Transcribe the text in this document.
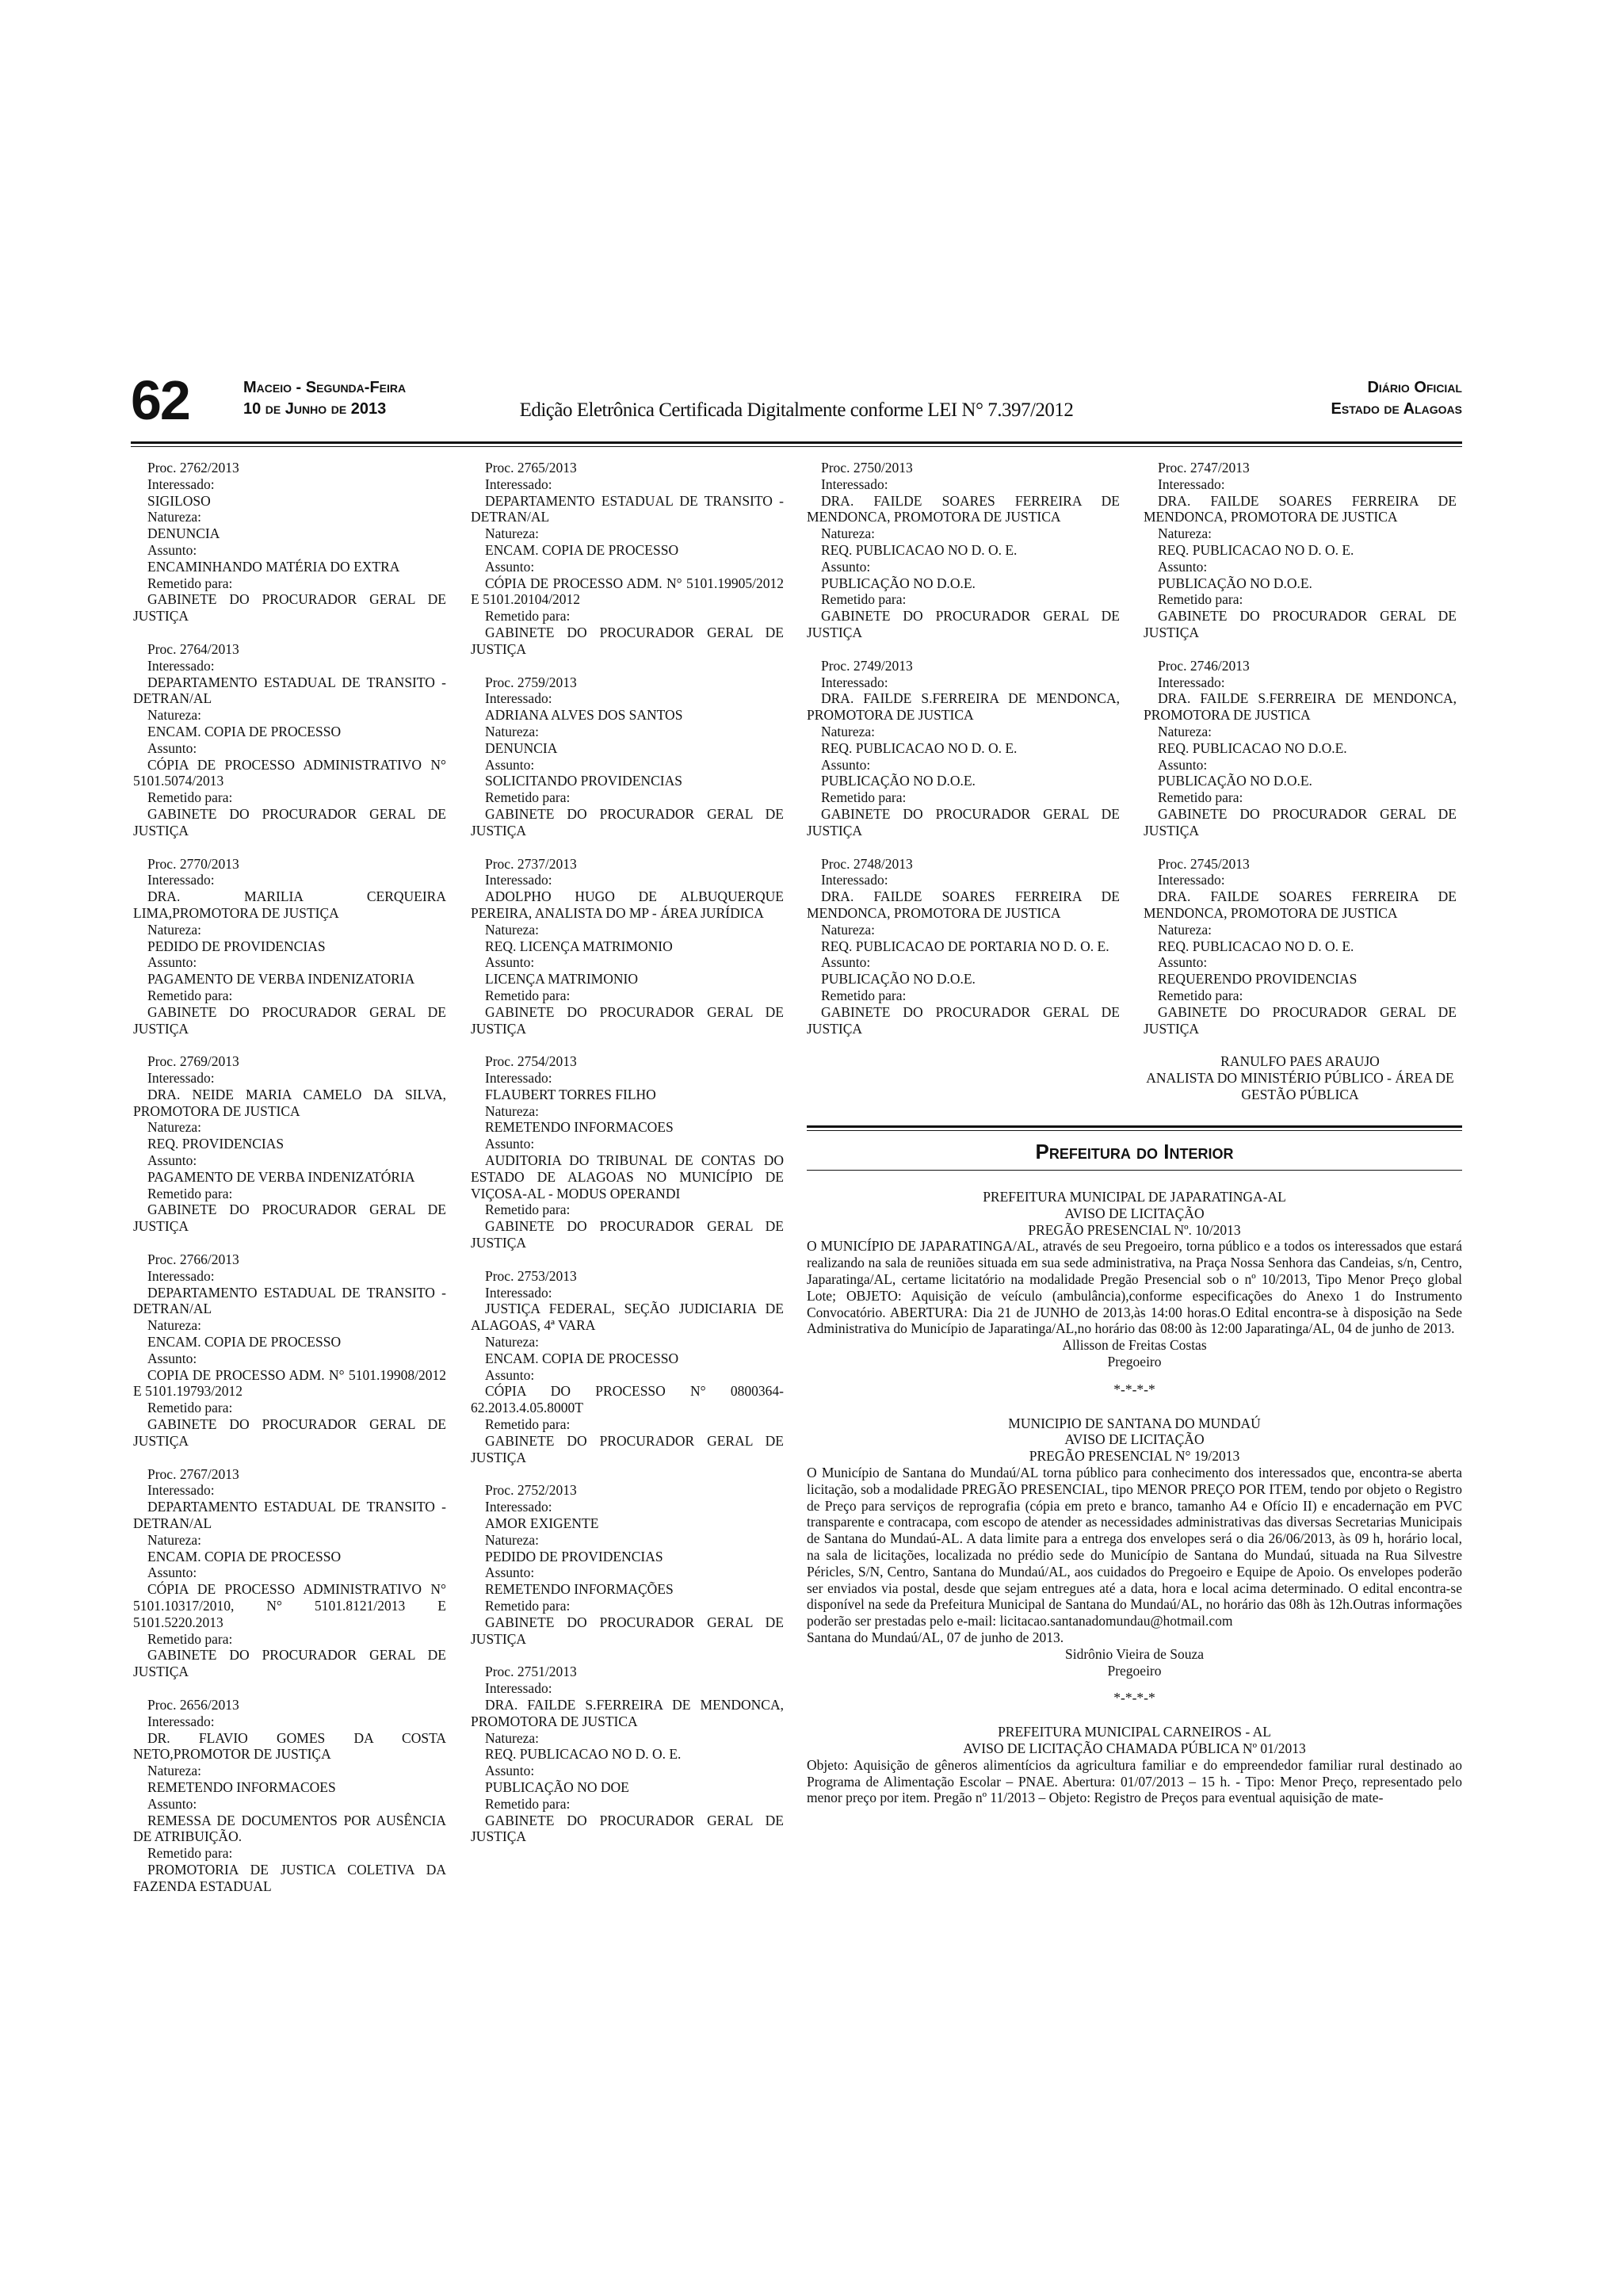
62	Maceio - Segunda-Feira
10 de Junho de 2013	Edição Eletrônica Certificada Digitalmente conforme LEI N° 7.397/2012
Diário Oficial
Estado de Alagoas
Proc. 2762/2013
Interessado:
SIGILOSO
Natureza:
DENUNCIA
Assunto:
ENCAMINHANDO MATÉRIA DO EXTRA
Remetido para:
GABINETE DO PROCURADOR GERAL DE JUSTIÇA
Proc. 2764/2013
Interessado:
DEPARTAMENTO ESTADUAL DE TRANSITO - DETRAN/AL
Natureza:
ENCAM. COPIA DE PROCESSO
Assunto:
CÓPIA DE PROCESSO ADMINISTRATIVO N° 5101.5074/2013
Remetido para:
GABINETE DO PROCURADOR GERAL DE JUSTIÇA
Proc. 2770/2013
Interessado:
DRA. MARILIA CERQUEIRA LIMA,PROMOTORA DE JUSTIÇA
Natureza:
PEDIDO DE PROVIDENCIAS
Assunto:
PAGAMENTO DE VERBA INDENIZATORIA
Remetido para:
GABINETE DO PROCURADOR GERAL DE JUSTIÇA
Proc. 2769/2013
Interessado:
DRA. NEIDE MARIA CAMELO DA SILVA, PROMOTORA DE JUSTICA
Natureza:
REQ. PROVIDENCIAS
Assunto:
PAGAMENTO DE VERBA INDENIZATÓRIA
Remetido para:
GABINETE DO PROCURADOR GERAL DE JUSTIÇA
Proc. 2766/2013
Interessado:
DEPARTAMENTO ESTADUAL DE TRANSITO - DETRAN/AL
Natureza:
ENCAM. COPIA DE PROCESSO
Assunto:
COPIA DE PROCESSO ADM. N° 5101.19908/2012 E 5101.19793/2012
Remetido para:
GABINETE DO PROCURADOR GERAL DE JUSTIÇA
Proc. 2767/2013
Interessado:
DEPARTAMENTO ESTADUAL DE TRANSITO - DETRAN/AL
Natureza:
ENCAM. COPIA DE PROCESSO
Assunto:
CÓPIA DE PROCESSO ADMINISTRATIVO N° 5101.10317/2010, N° 5101.8121/2013 E 5101.5220.2013
Remetido para:
GABINETE DO PROCURADOR GERAL DE JUSTIÇA
Proc. 2656/2013
Interessado:
DR. FLAVIO GOMES DA COSTA NETO,PROMOTOR DE JUSTIÇA
Natureza:
REMETENDO INFORMACOES
Assunto:
REMESSA DE DOCUMENTOS POR AUSÊNCIA DE ATRIBUIÇÃO.
Remetido para:
PROMOTORIA DE JUSTICA COLETIVA DA FAZENDA ESTADUAL
Proc. 2765/2013
Interessado:
DEPARTAMENTO ESTADUAL DE TRANSITO - DETRAN/AL
Natureza:
ENCAM. COPIA DE PROCESSO
Assunto:
CÓPIA DE PROCESSO ADM. N° 5101.19905/2012 E 5101.20104/2012
Remetido para:
GABINETE DO PROCURADOR GERAL DE JUSTIÇA
Proc. 2759/2013
Interessado:
ADRIANA ALVES DOS SANTOS
Natureza:
DENUNCIA
Assunto:
SOLICITANDO PROVIDENCIAS
Remetido para:
GABINETE DO PROCURADOR GERAL DE JUSTIÇA
Proc. 2737/2013
Interessado:
ADOLPHO HUGO DE ALBUQUERQUE PEREIRA, ANALISTA DO MP - ÁREA JURÍDICA
Natureza:
REQ. LICENÇA MATRIMONIO
Assunto:
LICENÇA MATRIMONIO
Remetido para:
GABINETE DO PROCURADOR GERAL DE JUSTIÇA
Proc. 2754/2013
Interessado:
FLAUBERT TORRES FILHO
Natureza:
REMETENDO INFORMACOES
Assunto:
AUDITORIA DO TRIBUNAL DE CONTAS DO ESTADO DE ALAGOAS NO MUNICÍPIO DE VIÇOSA-AL - MODUS OPERANDI
Remetido para:
GABINETE DO PROCURADOR GERAL DE JUSTIÇA
Proc. 2753/2013
Interessado:
JUSTIÇA FEDERAL, SEÇÃO JUDICIARIA DE ALAGOAS, 4ª VARA
Natureza:
ENCAM. COPIA DE PROCESSO
Assunto:
CÓPIA DO PROCESSO N° 0800364-62.2013.4.05.8000T
Remetido para:
GABINETE DO PROCURADOR GERAL DE JUSTIÇA
Proc. 2752/2013
Interessado:
AMOR EXIGENTE
Natureza:
PEDIDO DE PROVIDENCIAS
Assunto:
REMETENDO INFORMAÇÕES
Remetido para:
GABINETE DO PROCURADOR GERAL DE JUSTIÇA
Proc. 2751/2013
Interessado:
DRA. FAILDE S.FERREIRA DE MENDONCA, PROMOTORA DE JUSTICA
Natureza:
REQ. PUBLICACAO NO D. O. E.
Assunto:
PUBLICAÇÃO NO DOE
Remetido para:
GABINETE DO PROCURADOR GERAL DE JUSTIÇA
Proc. 2750/2013
Interessado:
DRA. FAILDE SOARES FERREIRA DE MENDONCA, PROMOTORA DE JUSTICA
Natureza:
REQ. PUBLICACAO NO D. O. E.
Assunto:
PUBLICAÇÃO NO D.O.E.
Remetido para:
GABINETE DO PROCURADOR GERAL DE JUSTIÇA
Proc. 2749/2013
Interessado:
DRA. FAILDE S.FERREIRA DE MENDONCA, PROMOTORA DE JUSTICA
Natureza:
REQ. PUBLICACAO NO D. O. E.
Assunto:
PUBLICAÇÃO NO D.O.E.
Remetido para:
GABINETE DO PROCURADOR GERAL DE JUSTIÇA
Proc. 2748/2013
Interessado:
DRA. FAILDE SOARES FERREIRA DE MENDONCA, PROMOTORA DE JUSTICA
Natureza:
REQ. PUBLICACAO DE PORTARIA NO D. O. E.
Assunto:
PUBLICAÇÃO NO D.O.E.
Remetido para:
GABINETE DO PROCURADOR GERAL DE JUSTIÇA
Proc. 2747/2013
Interessado:
DRA. FAILDE SOARES FERREIRA DE MENDONCA, PROMOTORA DE JUSTICA
Natureza:
REQ. PUBLICACAO NO D. O. E.
Assunto:
PUBLICAÇÃO NO D.O.E.
Remetido para:
GABINETE DO PROCURADOR GERAL DE JUSTIÇA
Proc. 2746/2013
Interessado:
DRA. FAILDE S.FERREIRA DE MENDONCA, PROMOTORA DE JUSTICA
Natureza:
REQ. PUBLICACAO NO D.O.E.
Assunto:
PUBLICAÇÃO NO D.O.E.
Remetido para:
GABINETE DO PROCURADOR GERAL DE JUSTIÇA
Proc. 2745/2013
Interessado:
DRA. FAILDE SOARES FERREIRA DE MENDONCA, PROMOTORA DE JUSTICA
Natureza:
REQ. PUBLICACAO NO D. O. E.
Assunto:
REQUERENDO PROVIDENCIAS
Remetido para:
GABINETE DO PROCURADOR GERAL DE JUSTIÇA
RANULFO PAES ARAUJO
ANALISTA DO MINISTÉRIO PÚBLICO - ÁREA DE GESTÃO PÚBLICA
Prefeitura do Interior
PREFEITURA MUNICIPAL DE JAPARATINGA-AL
AVISO DE LICITAÇÃO
PREGÃO PRESENCIAL Nº. 10/2013
O MUNICÍPIO DE JAPARATINGA/AL, através de seu Pregoeiro, torna público e a todos os interessados que estará realizando na sala de reuniões situada em sua sede administrativa, na Praça Nossa Senhora das Candeias, s/n, Centro, Japaratinga/AL, certame licitatório na modalidade Pregão Presencial sob o nº 10/2013, Tipo Menor Preço global Lote; OBJETO: Aquisição de veículo (ambulância),conforme especificações do Anexo 1 do Instrumento Convocatório. ABERTURA: Dia 21 de JUNHO de 2013,às 14:00 horas.O Edital encontra-se à disposição na Sede Administrativa do Município de Japaratinga/AL,no horário das 08:00 às 12:00 Japaratinga/AL, 04 de junho de 2013.
Allisson de Freitas Costas
Pregoeiro
*-*-*-*
MUNICIPIO DE SANTANA DO MUNDAÚ
AVISO DE LICITAÇÃO
PREGÃO PRESENCIAL N° 19/2013
O Município de Santana do Mundaú/AL torna público para conhecimento dos interessados que, encontra-se aberta licitação, sob a modalidade PREGÃO PRESENCIAL, tipo MENOR PREÇO POR ITEM, tendo por objeto o Registro de Preço para serviços de reprografia (cópia em preto e branco, tamanho A4 e Ofício II) e encadernação em PVC transparente e contracapa, com escopo de atender as necessidades administrativas das diversas Secretarias Municipais de Santana do Mundaú-AL. A data limite para a entrega dos envelopes será o dia 26/06/2013, às 09 h, horário local, na sala de licitações, localizada no prédio sede do Município de Santana do Mundaú, situada na Rua Silvestre Péricles, S/N, Centro, Santana do Mundaú/AL, aos cuidados do Pregoeiro e Equipe de Apoio. Os envelopes poderão ser enviados via postal, desde que sejam entregues até a data, hora e local acima determinado. O edital encontra-se disponível na sede da Prefeitura Municipal de Santana do Mundaú/AL, no horário das 08h às 12h.Outras informações poderão ser prestadas pelo e-mail: licitacao.santanadomundau@hotmail.com
Santana do Mundaú/AL, 07 de junho de 2013.
Sidrônio Vieira de Souza
Pregoeiro
*-*-*-*
PREFEITURA MUNICIPAL CARNEIROS - AL
AVISO DE LICITAÇÃO CHAMADA PÚBLICA Nº 01/2013
Objeto: Aquisição de gêneros alimentícios da agricultura familiar e do empreendedor familiar rural destinado ao Programa de Alimentação Escolar – PNAE. Abertura: 01/07/2013 – 15 h. - Tipo: Menor Preço, representado pelo menor preço por item. Pregão nº 11/2013 – Objeto: Registro de Preços para eventual aquisição de mate-
